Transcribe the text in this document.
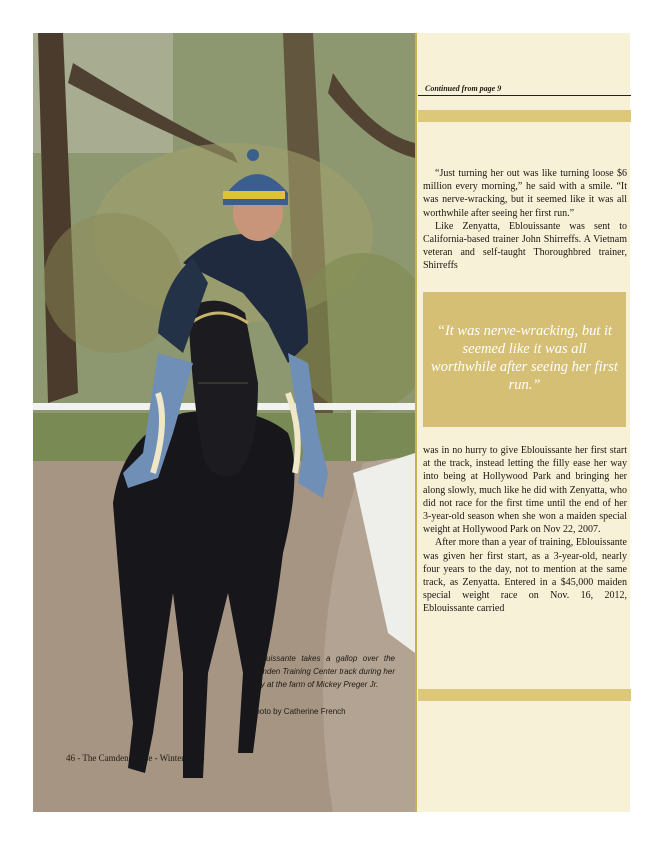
Eblouissante takes a gallop over the Camden Training Center track during her stay at the farm of Mickey Preger Jr.
Photo by Catherine French
46 - The Camden Horse - Winter 2013
Continued from page 9

“Just turning her out was like turning loose $6 million every morning,” he said with a smile. “It was nerve-wracking, but it seemed like it was all worthwhile after seeing her first run.”

Like Zenyatta, Eblouissante was sent to California-based trainer John Shirreffs. A Vietnam veteran and self-taught Thoroughbred trainer, Shirreffs

“It was nerve-wracking, but it seemed like it was all worthwhile after seeing her first run.”

was in no hurry to give Eblouissante her first start at the track, instead letting the filly ease her way into being at Hollywood Park and bringing her along slowly, much like he did with Zenyatta, who did not race for the first time until the end of her 3-year-old season when she won a maiden special weight at Hollywood Park on Nov 22, 2007.

After more than a year of training, Eblouissante was given her first start, as a 3-year-old, nearly four years to the day, not to mention at the same track, as Zenyatta. Entered in a $45,000 maiden special weight race on Nov. 16, 2012, Eblouissante carried
